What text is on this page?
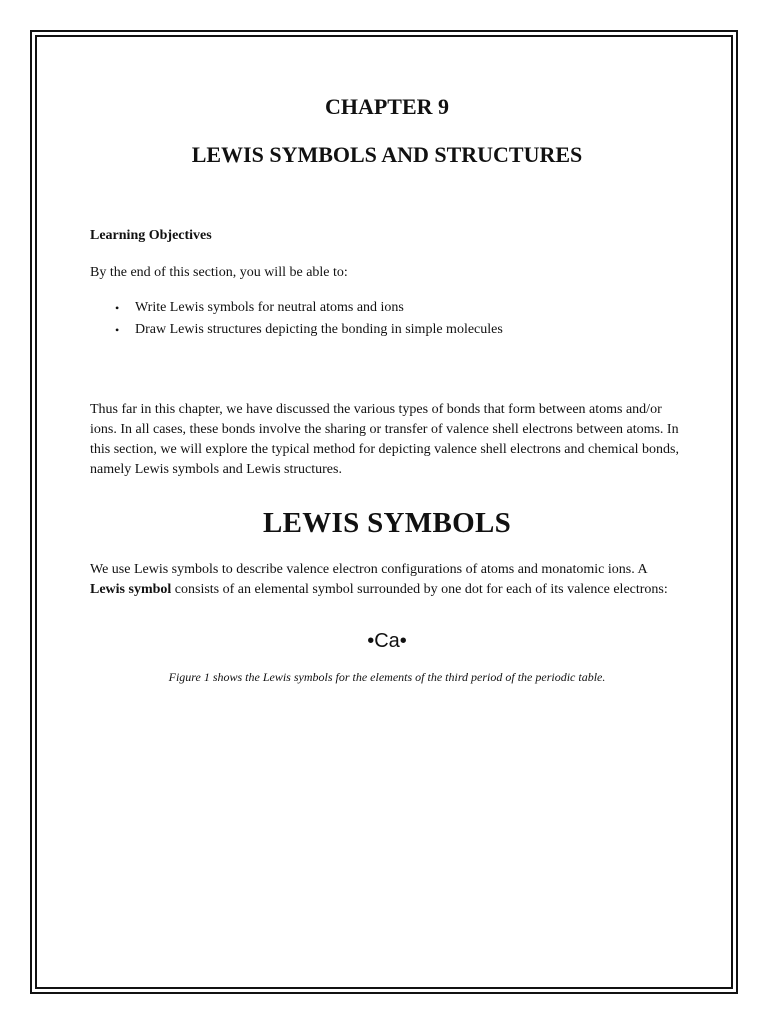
CHAPTER 9
LEWIS SYMBOLS AND STRUCTURES

Learning Objectives

By the end of this section, you will be able to:

• Write Lewis symbols for neutral atoms and ions
• Draw Lewis structures depicting the bonding in simple molecules

Thus far in this chapter, we have discussed the various types of bonds that form between atoms and/or ions. In all cases, these bonds involve the sharing or transfer of valence shell electrons between atoms. In this section, we will explore the typical method for depicting valence shell electrons and chemical bonds, namely Lewis symbols and Lewis structures.

LEWIS SYMBOLS

We use Lewis symbols to describe valence electron configurations of atoms and monatomic ions. A Lewis symbol consists of an elemental symbol surrounded by one dot for each of its valence electrons:

•Ca•

Figure 1 shows the Lewis symbols for the elements of the third period of the periodic table.
